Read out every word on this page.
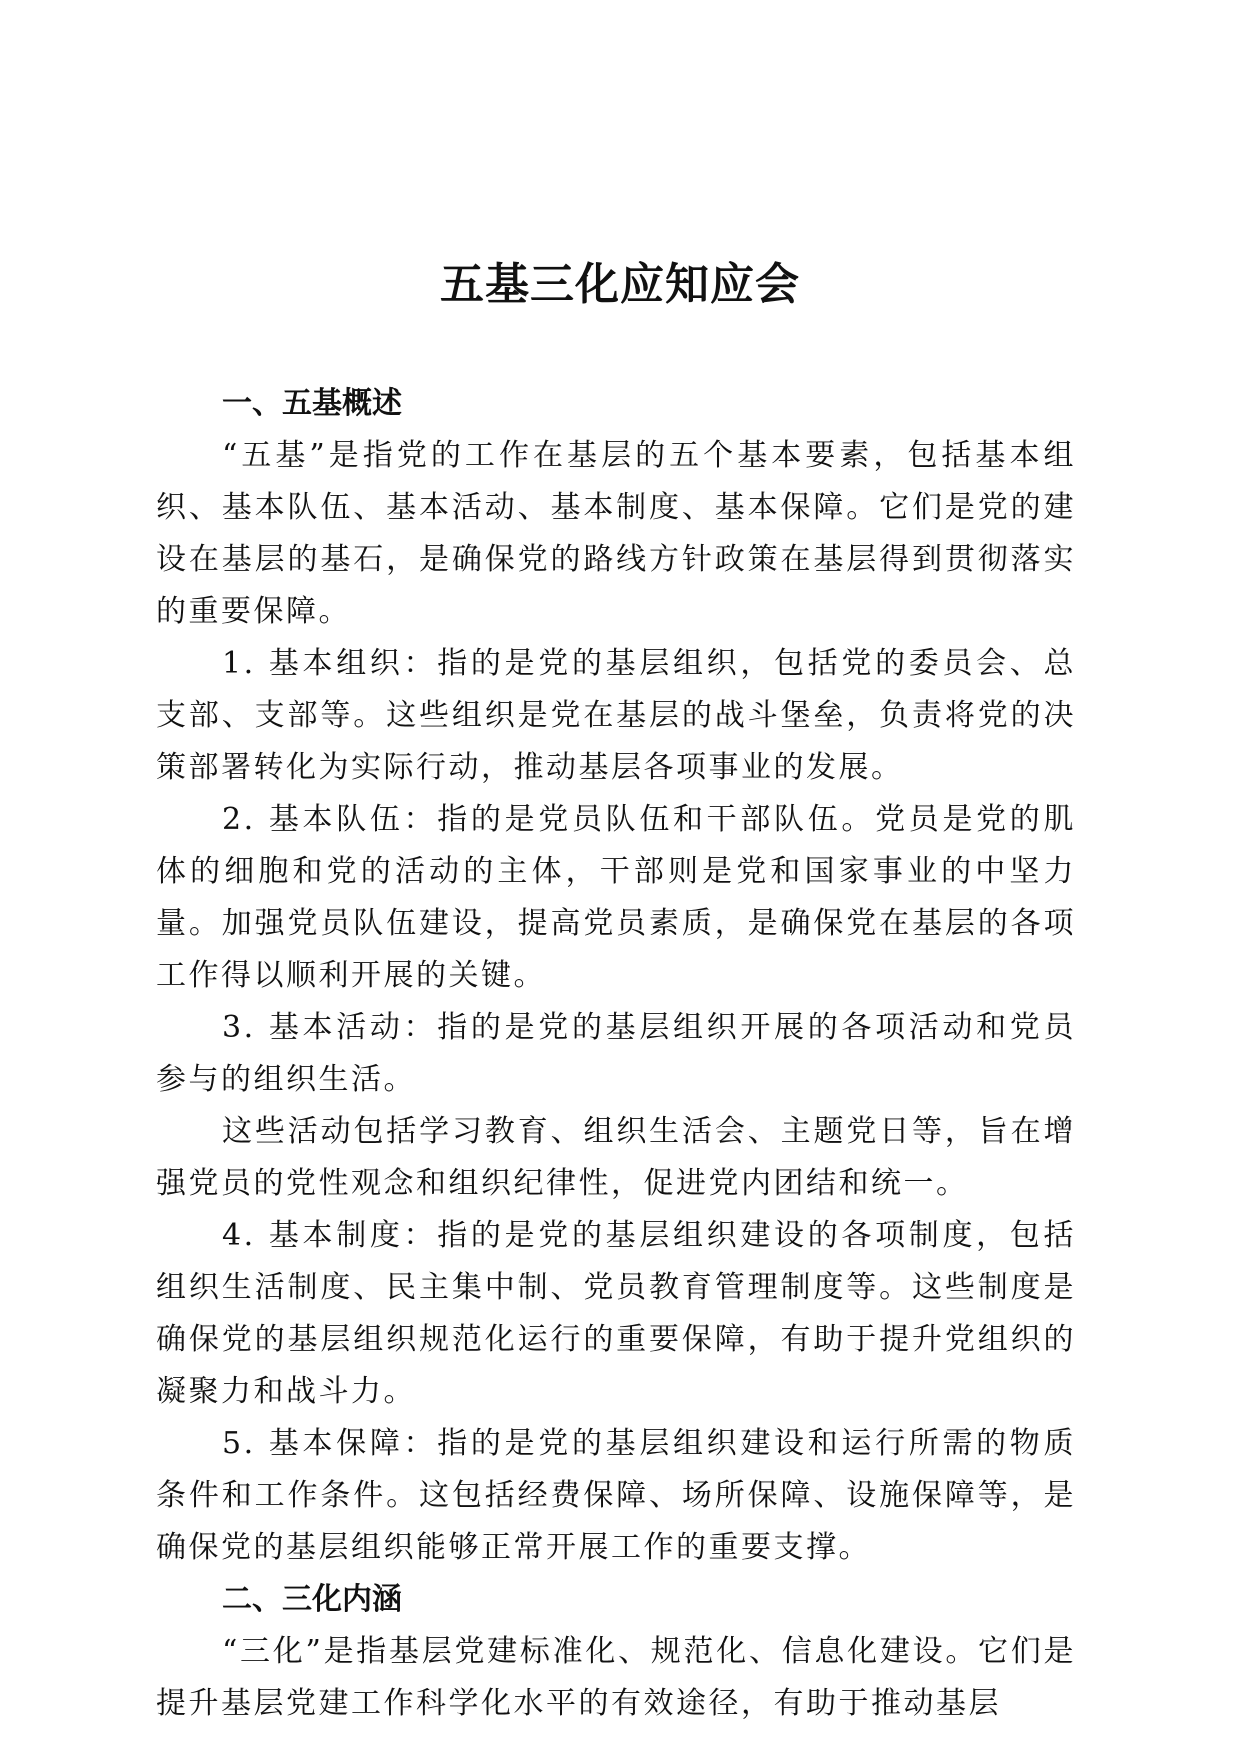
五基三化应知应会
一、五基概述

“五基”是指党的工作在基层的五个基本要素，包括基本组织、基本队伍、基本活动、基本制度、基本保障。它们是党的建设在基层的基石，是确保党的路线方针政策在基层得到贯彻落实的重要保障。

1. 基本组织：指的是党的基层组织，包括党的委员会、总支部、支部等。这些组织是党在基层的战斗堡垒，负责将党的决策部署转化为实际行动，推动基层各项事业的发展。

2. 基本队伍：指的是党员队伍和干部队伍。党员是党的肌体的细胞和党的活动的主体，干部则是党和国家事业的中坚力量。加强党员队伍建设，提高党员素质，是确保党在基层的各项工作得以顺利开展的关键。

3. 基本活动：指的是党的基层组织开展的各项活动和党员参与的组织生活。

这些活动包括学习教育、组织生活会、主题党日等，旨在增强党员的党性观念和组织纪律性，促进党内团结和统一。

4. 基本制度：指的是党的基层组织建设的各项制度，包括组织生活制度、民主集中制、党员教育管理制度等。这些制度是确保党的基层组织规范化运行的重要保障，有助于提升党组织的凝聚力和战斗力。

5. 基本保障：指的是党的基层组织建设和运行所需的物质条件和工作条件。这包括经费保障、场所保障、设施保障等，是确保党的基层组织能够正常开展工作的重要支撑。

二、三化内涵

“三化”是指基层党建标准化、规范化、信息化建设。它们是提升基层党建工作科学化水平的有效途径，有助于推动基层
